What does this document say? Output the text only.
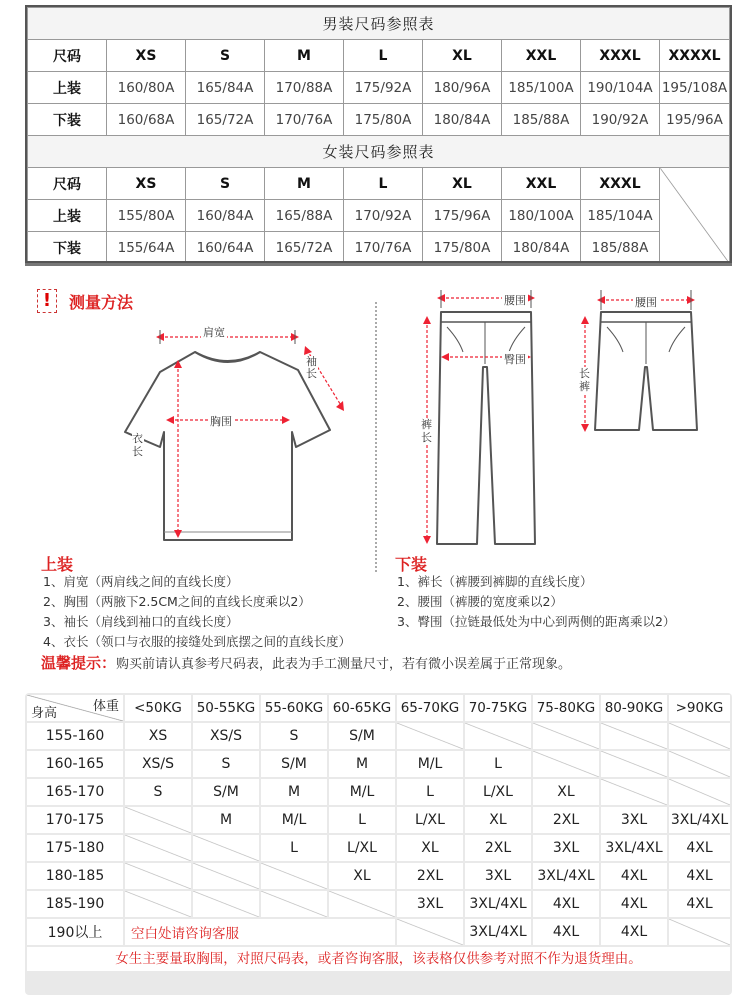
男装尺码参照表								
尺码	XS	S	M	L	XL	XXL	XXXL	XXXXL
上装	160/80A	165/84A	170/88A	175/92A	180/96A	185/100A	190/104A	195/108A
下装	160/68A	165/72A	170/76A	175/80A	180/84A	185/88A	190/92A	195/96A
女装尺码参照表								
尺码	XS	S	M	L	XL	XXL	XXXL	
上装	155/80A	160/84A	165/88A	170/92A	175/96A	180/100A	185/104A	
下装	155/64A	160/64A	165/72A	170/76A	175/80A	180/84A	185/88A	
!	测量方法
肩宽
袖长
胸围
衣长
腰围
臀围
裤长
腰围
长裤
上装
1、肩宽（两肩线之间的直线长度）
2、胸围（两腋下2.5CM之间的直线长度乘以2）
3、袖长（肩线到袖口的直线长度）
4、衣长（领口与衣服的接缝处到底摆之间的直线长度）
下装
1、裤长（裤腰到裤脚的直线长度）
2、腰围（裤腰的宽度乘以2）
3、臀围（拉链最低处为中心到两侧的距离乘以2）
温馨提示：购买前请认真参考尺码表，此表为手工测量尺寸，若有微小误差属于正常现象。
体重
身高	<50KG	50-55KG	55-60KG	60-65KG	65-70KG	70-75KG	75-80KG	80-90KG	>90KG
155-160	XS	XS/S	S	S/M					
160-165	XS/S	S	S/M	M	M/L	L			
165-170	S	S/M	M	M/L	L	L/XL	XL		
170-175		M	M/L	L	L/XL	XL	2XL	3XL	3XL/4XL
175-180			L	L/XL	XL	2XL	3XL	3XL/4XL	4XL
180-185				XL	2XL	3XL	3XL/4XL	4XL	4XL
185-190					3XL	3XL/4XL	4XL	4XL	4XL
190以上	空白处请咨询客服					3XL/4XL	4XL	4XL	
女生主要量取胸围，对照尺码表，或者咨询客服，该表格仅供参考对照不作为退货理由。
